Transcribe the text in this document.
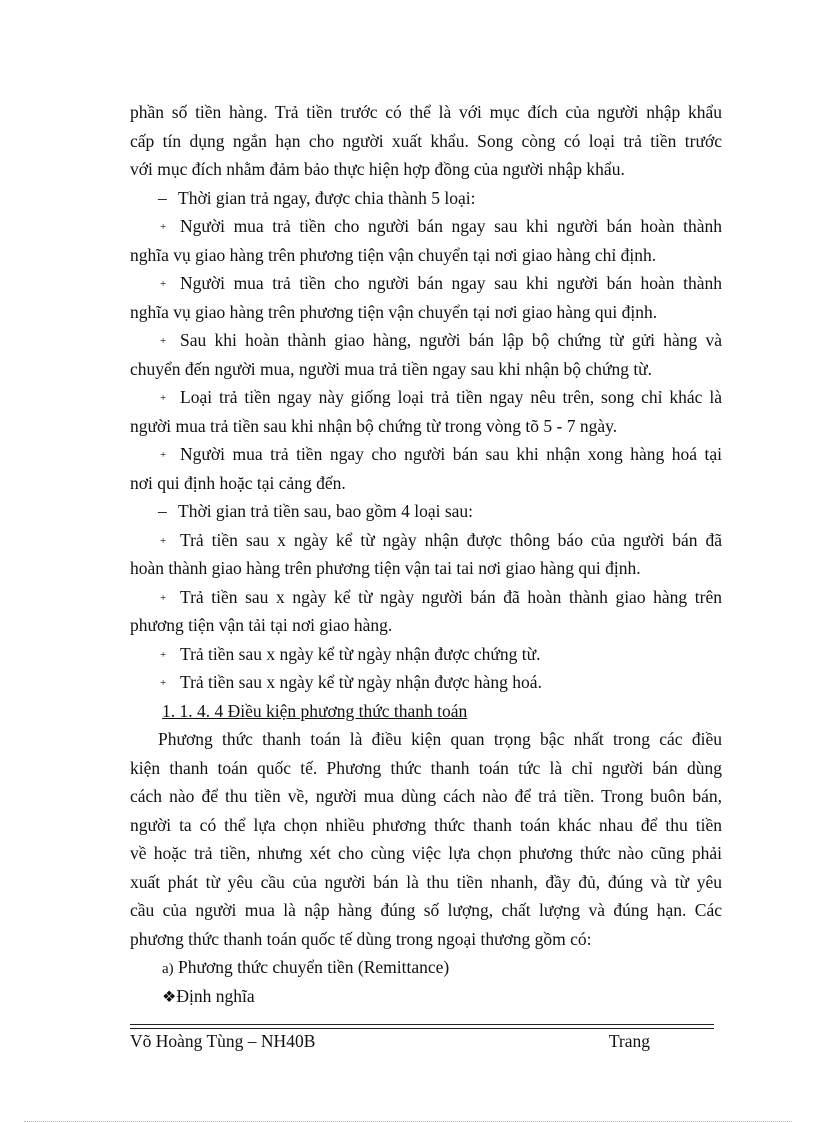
phần số tiền hàng. Trả tiền trước có thể là với mục đích của người nhập khẩu
cấp tín dụng ngắn hạn cho người xuất khẩu. Song còng có loại trả tiền trước
với mục đích nhằm đảm bảo thực hiện hợp đồng của người nhập khẩu.
– Thời gian trả ngay, được chia thành 5 loại:
+ Người mua trả tiền cho người bán ngay sau khi người bán hoàn thành
nghĩa vụ giao hàng trên phương tiện vận chuyển tại nơi giao hàng chỉ định.
+ Người mua trả tiền cho người bán ngay sau khi người bán hoàn thành
nghĩa vụ giao hàng trên phương tiện vận chuyển tại nơi giao hàng qui định.
+ Sau khi hoàn thành giao hàng, người bán lập bộ chứng từ gửi hàng và
chuyển đến người mua, người mua trả tiền ngay sau khi nhận bộ chứng từ.
+ Loại trả tiền ngay này giống loại trả tiền ngay nêu trên, song chỉ khác là
người mua trả tiền sau khi nhận bộ chứng từ trong vòng tõ 5 - 7 ngày.
+ Người mua trả tiền ngay cho người bán sau khi nhận xong hàng hoá tại
nơi qui định hoặc tại cảng đến.
– Thời gian trả tiền sau, bao gồm 4 loại sau:
+ Trả tiền sau x ngày kể từ ngày nhận được thông báo của người bán đã
hoàn thành giao hàng trên phương tiện vận tai tai nơi giao hàng qui định.
+ Trả tiền sau x ngày kể từ ngày người bán đã hoàn thành giao hàng trên
phương tiện vận tải tại nơi giao hàng.
+ Trả tiền sau x ngày kể từ ngày nhận được chứng từ.
+ Trả tiền sau x ngày kể từ ngày nhận được hàng hoá.
1. 1. 4. 4 Điều kiện phương thức thanh toán
Phương thức thanh toán là điều kiện quan trọng bậc nhất trong các điều
kiện thanh toán quốc tế. Phương thức thanh toán tức là chỉ người bán dùng
cách nào để thu tiền về, người mua dùng cách nào để trả tiền. Trong buôn bán,
người ta có thể lựa chọn nhiều phương thức thanh toán khác nhau để thu tiền
về hoặc trả tiền, nhưng xét cho cùng việc lựa chọn phương thức nào cũng phải
xuất phát từ yêu cầu của người bán là thu tiền nhanh, đầy đủ, đúng và từ yêu
cầu của người mua là nập hàng đúng số lượng, chất lượng và đúng hạn. Các
phương thức thanh toán quốc tế dùng trong ngoại thương gồm có:
a) Phương thức chuyển tiền (Remittance)
❖Định nghĩa
Võ Hoàng Tùng – NH40B	Trang
